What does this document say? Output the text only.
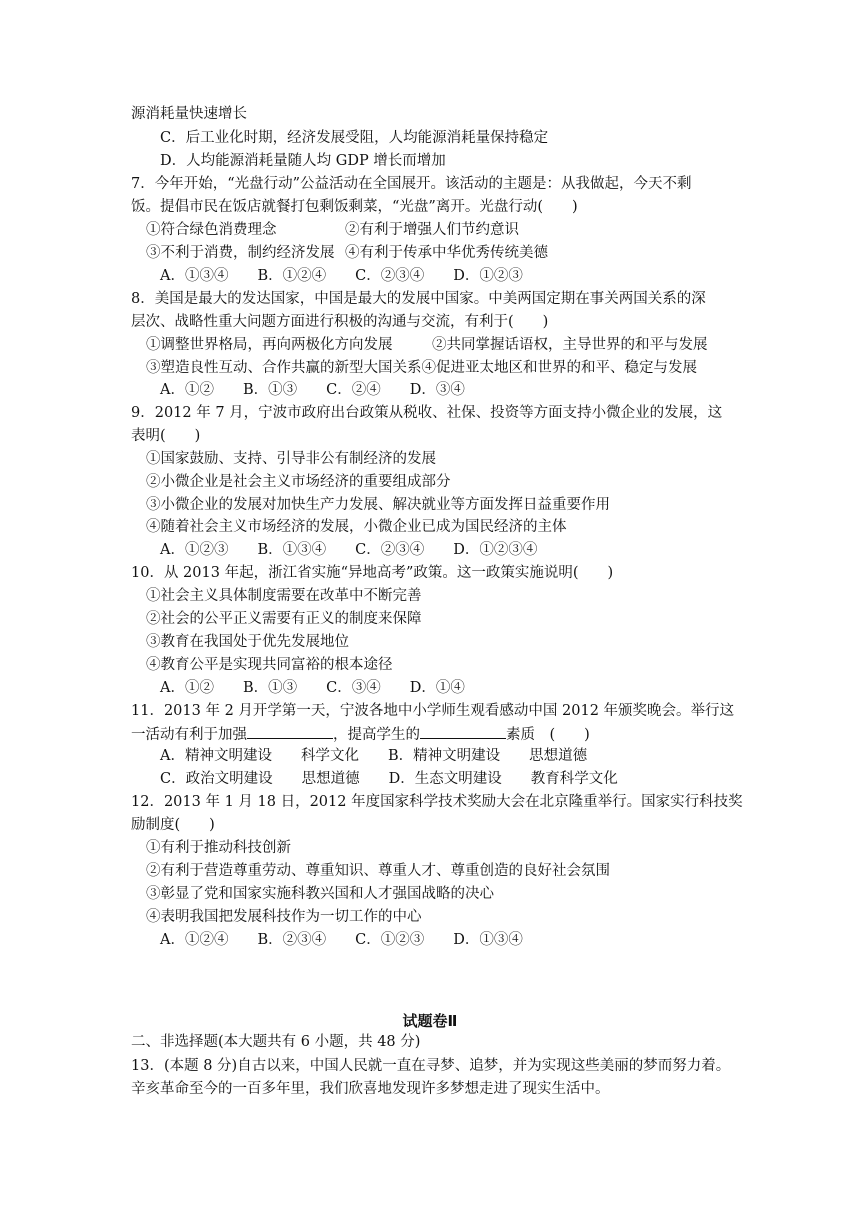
源消耗量快速增长
C．后工业化时期，经济发展受阻，人均能源消耗量保持稳定
D．人均能源消耗量随人均 GDP 增长而增加
7．今年开始，“光盘行动”公益活动在全国展开。该活动的主题是：从我做起，今天不剩
饭。提倡市民在饭店就餐打包剩饭剩菜，“光盘”离开。光盘行动(　　)
①符合绿色消费理念	②有利于增强人们节约意识
③不利于消费，制约经济发展 ④有利于传承中华优秀传统美德
A．①③④　　B．①②④　　C．②③④　　D．①②③
8．美国是最大的发达国家，中国是最大的发展中国家。中美两国定期在事关两国关系的深
层次、战略性重大问题方面进行积极的沟通与交流，有利于(　　)
①调整世界格局，再向两极化方向发展	②共同掌握话语权，主导世界的和平与发展
③塑造良性互动、合作共赢的新型大国关系④促进亚太地区和世界的和平、稳定与发展
A．①②　　B．①③　　C．②④　　D．③④
9．2012 年 7 月，宁波市政府出台政策从税收、社保、投资等方面支持小微企业的发展，这
表明(　　)
①国家鼓励、支持、引导非公有制经济的发展
②小微企业是社会主义市场经济的重要组成部分
③小微企业的发展对加快生产力发展、解决就业等方面发挥日益重要作用
④随着社会主义市场经济的发展，小微企业已成为国民经济的主体
A．①②③　　B．①③④　　C．②③④　　D．①②③④
10．从 2013 年起，浙江省实施“异地高考”政策。这一政策实施说明(　　)
①社会主义具体制度需要在改革中不断完善
②社会的公平正义需要有正义的制度来保障
③教育在我国处于优先发展地位
④教育公平是实现共同富裕的根本途径
A．①②　　B．①③　　C．③④　　D．①④
11．2013 年 2 月开学第一天，宁波各地中小学师生观看感动中国 2012 年颁奖晚会。举行这
一活动有利于加强	，提高学生的	素质　(　　)
A．精神文明建设　　科学文化　　B．精神文明建设　　思想道德
C．政治文明建设　　思想道德　　D．生态文明建设　　教育科学文化
12．2013 年 1 月 18 日，2012 年度国家科学技术奖励大会在北京隆重举行。国家实行科技奖
励制度(　　)
①有利于推动科技创新
②有利于营造尊重劳动、尊重知识、尊重人才、尊重创造的良好社会氛围
③彰显了党和国家实施科教兴国和人才强国战略的决心
④表明我国把发展科技作为一切工作的中心
A．①②④　　B．②③④　　C．①②③　　D．①③④
试题卷Ⅱ
二、非选择题(本大题共有 6 小题，共 48 分)
13．(本题 8 分)自古以来，中国人民就一直在寻梦、追梦，并为实现这些美丽的梦而努力着。
辛亥革命至今的一百多年里，我们欣喜地发现许多梦想走进了现实生活中。
